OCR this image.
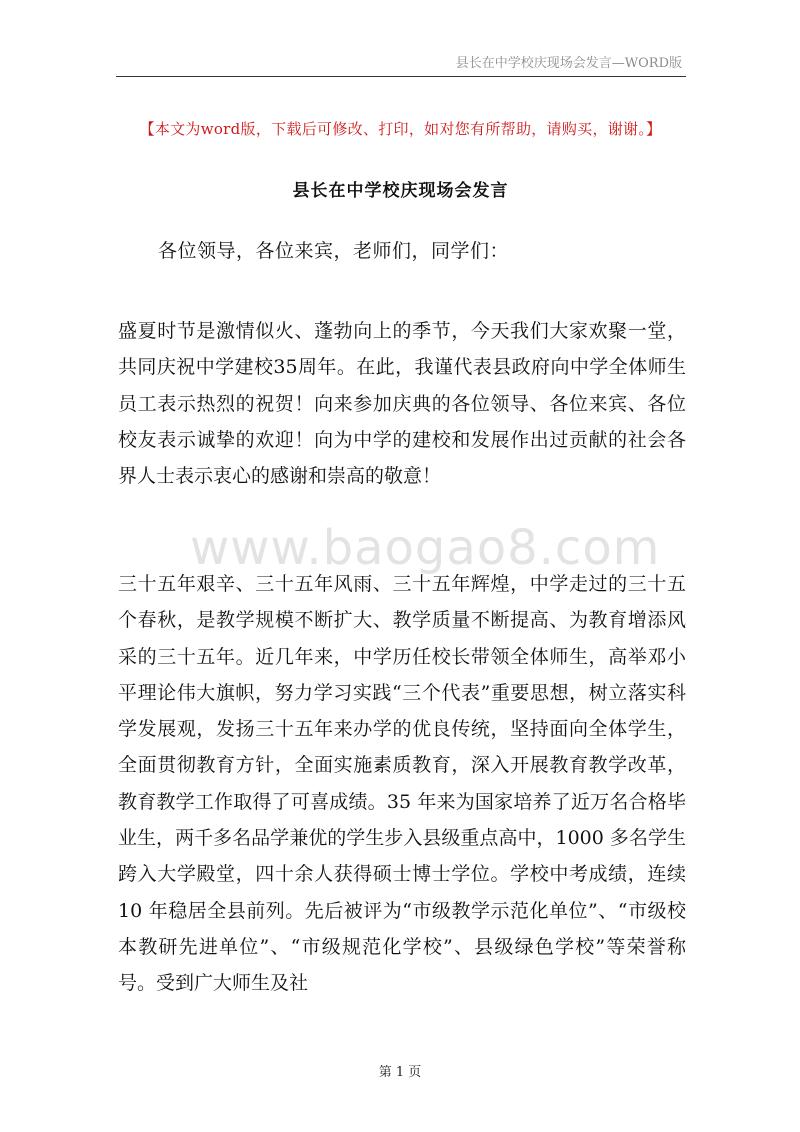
县长在中学校庆现场会发言—WORD版
【本文为word版，下载后可修改、打印，如对您有所帮助，请购买，谢谢。】
县长在中学校庆现场会发言
各位领导，各位来宾，老师们，同学们：
盛夏时节是激情似火、蓬勃向上的季节，今天我们大家欢聚一堂，共同庆祝中学建校35周年。在此，我谨代表县政府向中学全体师生员工表示热烈的祝贺！向来参加庆典的各位领导、各位来宾、各位校友表示诚挚的欢迎！向为中学的建校和发展作出过贡献的社会各界人士表示衷心的感谢和崇高的敬意！
www.baogao8.com
三十五年艰辛、三十五年风雨、三十五年辉煌，中学走过的三十五个春秋，是教学规模不断扩大、教学质量不断提高、为教育增添风采的三十五年。近几年来，中学历任校长带领全体师生，高举邓小平理论伟大旗帜，努力学习实践“三个代表”重要思想，树立落实科学发展观，发扬三十五年来办学的优良传统，坚持面向全体学生，全面贯彻教育方针，全面实施素质教育，深入开展教育教学改革，教育教学工作取得了可喜成绩。35 年来为国家培养了近万名合格毕业生，两千多名品学兼优的学生步入县级重点高中，1000 多名学生跨入大学殿堂，四十余人获得硕士博士学位。学校中考成绩，连续 10 年稳居全县前列。先后被评为“市级教学示范化单位”、“市级校本教研先进单位”、“市级规范化学校”、县级绿色学校”等荣誉称号。受到广大师生及社
第 1 页
